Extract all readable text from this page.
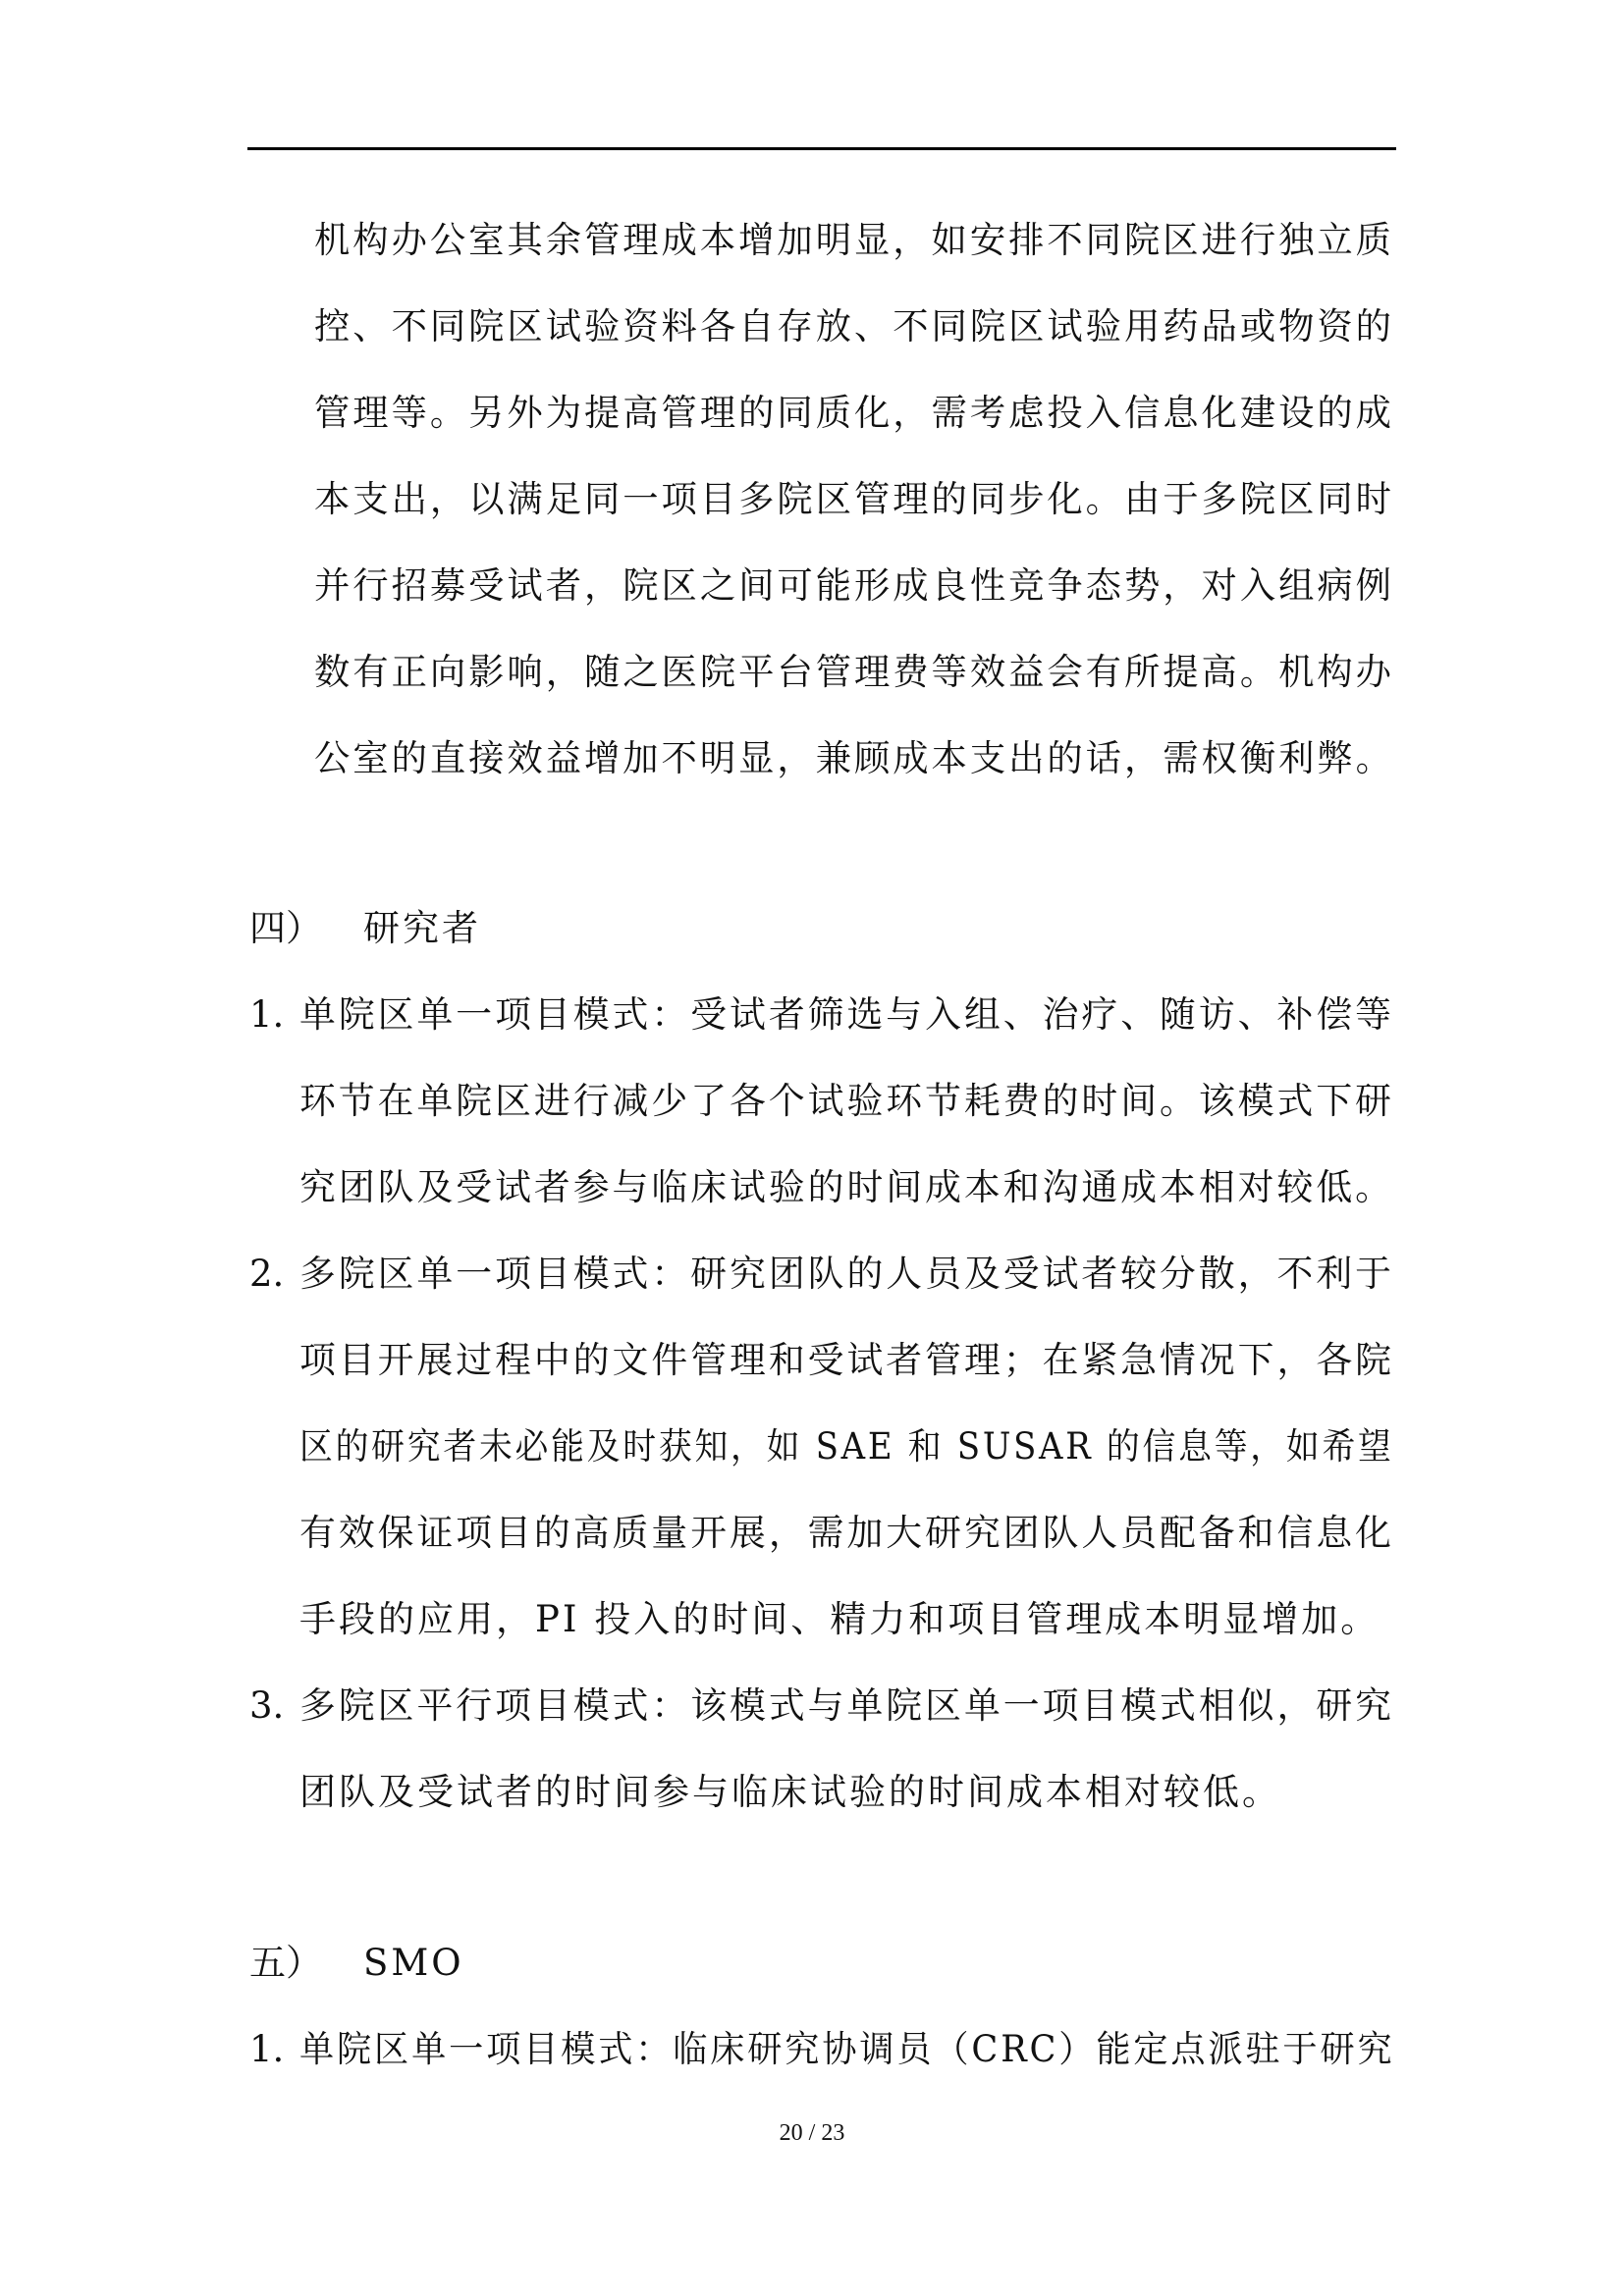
机构办公室其余管理成本增加明显，如安排不同院区进行独立质
控、不同院区试验资料各自存放、不同院区试验用药品或物资的
管理等。另外为提高管理的同质化，需考虑投入信息化建设的成
本支出，以满足同一项目多院区管理的同步化。由于多院区同时
并行招募受试者，院区之间可能形成良性竞争态势，对入组病例
数有正向影响，随之医院平台管理费等效益会有所提高。机构办
公室的直接效益增加不明显，兼顾成本支出的话，需权衡利弊。
四） 研究者
1. 单院区单一项目模式：受试者筛选与入组、治疗、随访、补偿等
环节在单院区进行减少了各个试验环节耗费的时间。该模式下研
究团队及受试者参与临床试验的时间成本和沟通成本相对较低。
2. 多院区单一项目模式：研究团队的人员及受试者较分散，不利于
项目开展过程中的文件管理和受试者管理；在紧急情况下，各院
区的研究者未必能及时获知，如 SAE 和 SUSAR 的信息等，如希望
有效保证项目的高质量开展，需加大研究团队人员配备和信息化
手段的应用，PI 投入的时间、精力和项目管理成本明显增加。
3. 多院区平行项目模式：该模式与单院区单一项目模式相似，研究
团队及受试者的时间参与临床试验的时间成本相对较低。
五） SMO
1. 单院区单一项目模式：临床研究协调员（CRC）能定点派驻于研究
20 / 23
